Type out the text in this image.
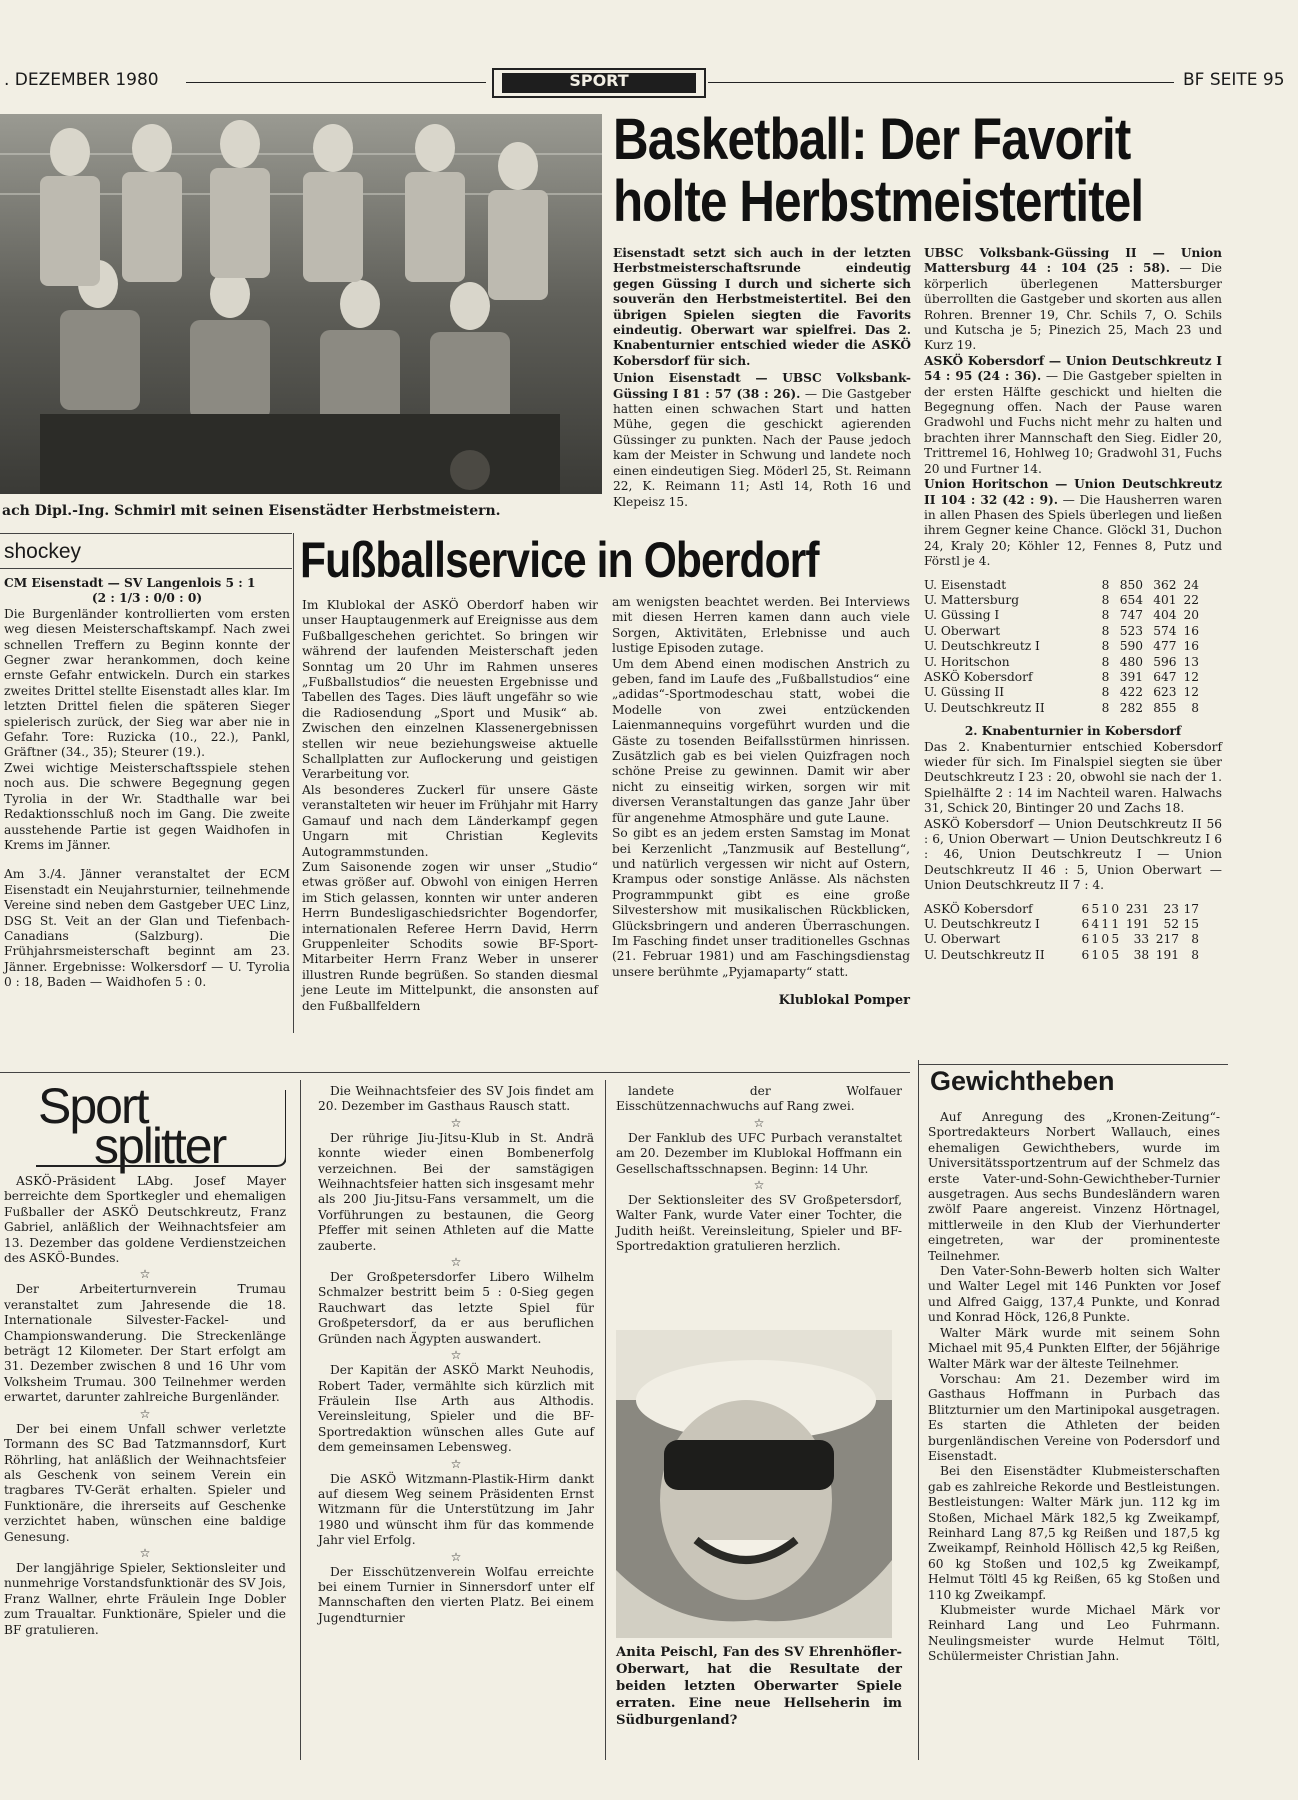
. DEZEMBER 1980	SPORT	BF SEITE 95
ach Dipl.-Ing. Schmirl mit seinen Eisenstädter Herbstmeistern.
Basketball: Der Favorit
holte Herbstmeistertitel

Eisenstadt setzt sich auch in der letzten Herbstmeisterschaftsrunde eindeutig gegen Güssing I durch und sicherte sich souverän den Herbstmeistertitel. Bei den übrigen Spielen siegten die Favorits eindeutig. Oberwart war spielfrei. Das 2. Knabenturnier entschied wieder die ASKÖ Kobersdorf für sich.

Union Eisenstadt — UBSC Volksbank-Güssing I 81 : 57 (38 : 26). — Die Gastgeber hatten einen schwachen Start und hatten Mühe, gegen die geschickt agierenden Güssinger zu punkten. Nach der Pause jedoch kam der Meister in Schwung und landete noch einen eindeutigen Sieg. Möderl 25, St. Reimann 22, K. Reimann 11; Astl 14, Roth 16 und Klepeisz 15.

UBSC Volksbank-Güssing II — Union Mattersburg 44 : 104 (25 : 58). — Die körperlich überlegenen Mattersburger überrollten die Gastgeber und skorten aus allen Rohren. Brenner 19, Chr. Schils 7, O. Schils und Kutscha je 5; Pinezich 25, Mach 23 und Kurz 19.

ASKÖ Kobersdorf — Union Deutschkreutz I 54 : 95 (24 : 36). — Die Gastgeber spielten in der ersten Hälfte geschickt und hielten die Begegnung offen. Nach der Pause waren Gradwohl und Fuchs nicht mehr zu halten und brachten ihrer Mannschaft den Sieg. Eidler 20, Trittremel 16, Hohlweg 10; Gradwohl 31, Fuchs 20 und Furtner 14.

Union Horitschon — Union Deutschkreutz II 104 : 32 (42 : 9). — Die Hausherren waren in allen Phasen des Spiels überlegen und ließen ihrem Gegner keine Chance. Glöckl 31, Duchon 24, Kraly 20; Köhler 12, Fennes 8, Putz und Förstl je 4.

U. Eisenstadt	8	850	362	24
U. Mattersburg	8	654	401	22
U. Güssing I	8	747	404	20
U. Oberwart	8	523	574	16
U. Deutschkreutz I	8	590	477	16
U. Horitschon	8	480	596	13
ASKÖ Kobersdorf	8	391	647	12
U. Güssing II	8	422	623	12
U. Deutschkreutz II	8	282	855	8

2. Knabenturnier in Kobersdorf

Das 2. Knabenturnier entschied Kobersdorf wieder für sich. Im Finalspiel siegten sie über Deutschkreutz I 23 : 20, obwohl sie nach der 1. Spielhälfte 2 : 14 im Nachteil waren. Halwachs 31, Schick 20, Bintinger 20 und Zachs 18.

ASKÖ Kobersdorf — Union Deutschkreutz II 56 : 6, Union Oberwart — Union Deutschkreutz I 6 : 46, Union Deutschkreutz I — Union Deutschkreutz II 46 : 5, Union Oberwart — Union Deutschkreutz II 7 : 4.

ASKÖ Kobersdorf	6	5	1	0	231	23	17
U. Deutschkreutz I	6	4	1	1	191	52	15
U. Oberwart	6	1	0	5	33	217	8
U. Deutschkreutz II	6	1	0	5	38	191	8
shockey

CM Eisenstadt — SV Langenlois 5 : 1

(2 : 1/3 : 0/0 : 0)

Die Burgenländer kontrollierten vom ersten weg diesen Meisterschaftskampf. Nach zwei schnellen Treffern zu Beginn konnte der Gegner zwar herankommen, doch keine ernste Gefahr entwickeln. Durch ein starkes zweites Drittel stellte Eisenstadt alles klar. Im letzten Drittel fielen die späteren Sieger spielerisch zurück, der Sieg war aber nie in Gefahr. Tore: Ruzicka (10., 22.), Pankl, Gräftner (34., 35); Steurer (19.).

Zwei wichtige Meisterschaftsspiele stehen noch aus. Die schwere Begegnung gegen Tyrolia in der Wr. Stadthalle war bei Redaktionsschluß noch im Gang. Die zweite ausstehende Partie ist gegen Waidhofen in Krems im Jänner.

Am 3./4. Jänner veranstaltet der ECM Eisenstadt ein Neujahrsturnier, teilnehmende Vereine sind neben dem Gastgeber UEC Linz, DSG St. Veit an der Glan und Tiefenbach-Canadians (Salzburg). Die Frühjahrsmeisterschaft beginnt am 23. Jänner. Ergebnisse: Wolkersdorf — U. Tyrolia 0 : 18, Baden — Waidhofen 5 : 0.

Fußballservice in Oberdorf

Im Klublokal der ASKÖ Oberdorf haben wir unser Hauptaugenmerk auf Ereignisse aus dem Fußballgeschehen gerichtet. So bringen wir während der laufenden Meisterschaft jeden Sonntag um 20 Uhr im Rahmen unseres „Fußballstudios“ die neuesten Ergebnisse und Tabellen des Tages. Dies läuft ungefähr so wie die Radiosendung „Sport und Musik“ ab. Zwischen den einzelnen Klassenergebnissen stellen wir neue beziehungsweise aktuelle Schallplatten zur Auflockerung und geistigen Verarbeitung vor.

Als besonderes Zuckerl für unsere Gäste veranstalteten wir heuer im Frühjahr mit Harry Gamauf und nach dem Länderkampf gegen Ungarn mit Christian Keglevits Autogrammstunden.

Zum Saisonende zogen wir unser „Studio“ etwas größer auf. Obwohl von einigen Herren im Stich gelassen, konnten wir unter anderen Herrn Bundesligaschiedsrichter Bogendorfer, internationalen Referee Herrn David, Herrn Gruppenleiter Schodits sowie BF-Sport-Mitarbeiter Herrn Franz Weber in unserer illustren Runde begrüßen. So standen diesmal jene Leute im Mittelpunkt, die ansonsten auf den Fußballfeldern

am wenigsten beachtet werden. Bei Interviews mit diesen Herren kamen dann auch viele Sorgen, Aktivitäten, Erlebnisse und auch lustige Episoden zutage.

Um dem Abend einen modischen Anstrich zu geben, fand im Laufe des „Fußballstudios“ eine „adidas“-Sportmodeschau statt, wobei die Modelle von zwei entzückenden Laienmannequins vorgeführt wurden und die Gäste zu tosenden Beifallsstürmen hinrissen. Zusätzlich gab es bei vielen Quizfragen noch schöne Preise zu gewinnen. Damit wir aber nicht zu einseitig wirken, sorgen wir mit diversen Veranstaltungen das ganze Jahr über für angenehme Atmosphäre und gute Laune.

So gibt es an jedem ersten Samstag im Monat bei Kerzenlicht „Tanzmusik auf Bestellung“, und natürlich vergessen wir nicht auf Ostern, Krampus oder sonstige Anlässe. Als nächsten Programmpunkt gibt es eine große Silvestershow mit musikalischen Rückblicken, Glücksbringern und anderen Überraschungen. Im Fasching findet unser traditionelles Gschnas (21. Februar 1981) und am Faschingsdienstag unsere berühmte „Pyjamaparty“ statt.

Klublokal Pomper

Sport
splitter

ASKÖ-Präsident LAbg. Josef Mayer berreichte dem Sportkegler und ehemaligen Fußballer der ASKÖ Deutschkreutz, Franz Gabriel, anläßlich der Weihnachtsfeier am 13. Dezember das goldene Verdienstzeichen des ASKÖ-Bundes.

☆

Der Arbeiterturnverein Trumau veranstaltet zum Jahresende die 18. Internationale Silvester-Fackel- und Championswanderung. Die Streckenlänge beträgt 12 Kilometer. Der Start erfolgt am 31. Dezember zwischen 8 und 16 Uhr vom Volksheim Trumau. 300 Teilnehmer werden erwartet, darunter zahlreiche Burgenländer.

☆

Der bei einem Unfall schwer verletzte Tormann des SC Bad Tatzmannsdorf, Kurt Röhrling, hat anläßlich der Weihnachtsfeier als Geschenk von seinem Verein ein tragbares TV-Gerät erhalten. Spieler und Funktionäre, die ihrerseits auf Geschenke verzichtet haben, wünschen eine baldige Genesung.

☆

Der langjährige Spieler, Sektionsleiter und nunmehrige Vorstandsfunktionär des SV Jois, Franz Wallner, ehrte Fräulein Inge Dobler zum Traualtar. Funktionäre, Spieler und die BF gratulieren.

Die Weihnachtsfeier des SV Jois findet am 20. Dezember im Gasthaus Rausch statt.

☆

Der rührige Jiu-Jitsu-Klub in St. Andrä konnte wieder einen Bombenerfolg verzeichnen. Bei der samstägigen Weihnachtsfeier hatten sich insgesamt mehr als 200 Jiu-Jitsu-Fans versammelt, um die Vorführungen zu bestaunen, die Georg Pfeffer mit seinen Athleten auf die Matte zauberte.

☆

Der Großpetersdorfer Libero Wilhelm Schmalzer bestritt beim 5 : 0-Sieg gegen Rauchwart das letzte Spiel für Großpetersdorf, da er aus beruflichen Gründen nach Ägypten auswandert.

☆

Der Kapitän der ASKÖ Markt Neuhodis, Robert Tader, vermählte sich kürzlich mit Fräulein Ilse Arth aus Althodis. Vereinsleitung, Spieler und die BF-Sportredaktion wünschen alles Gute auf dem gemeinsamen Lebensweg.

☆

Die ASKÖ Witzmann-Plastik-Hirm dankt auf diesem Weg seinem Präsidenten Ernst Witzmann für die Unterstützung im Jahr 1980 und wünscht ihm für das kommende Jahr viel Erfolg.

☆

Der Eisschützenverein Wolfau erreichte bei einem Turnier in Sinnersdorf unter elf Mannschaften den vierten Platz. Bei einem Jugendturnier

landete der Wolfauer Eisschützennachwuchs auf Rang zwei.

☆

Der Fanklub des UFC Purbach veranstaltet am 20. Dezember im Klublokal Hoffmann ein Gesellschaftsschnapsen. Beginn: 14 Uhr.

☆

Der Sektionsleiter des SV Großpetersdorf, Walter Fank, wurde Vater einer Tochter, die Judith heißt. Vereinsleitung, Spieler und BF-Sportredaktion gratulieren herzlich.

Anita Peischl, Fan des SV Ehrenhöfler-Oberwart, hat die Resultate der beiden letzten Oberwarter Spiele erraten. Eine neue Hellseherin im Südburgenland?
Gewichtheben

Auf Anregung des „Kronen-Zeitung“-Sportredakteurs Norbert Wallauch, eines ehemaligen Gewichthebers, wurde im Universitätssportzentrum auf der Schmelz das erste Vater-und-Sohn-Gewichtheber-Turnier ausgetragen. Aus sechs Bundesländern waren zwölf Paare angereist. Vinzenz Hörtnagel, mittlerweile in den Klub der Vierhunderter eingetreten, war der prominenteste Teilnehmer.

Den Vater-Sohn-Bewerb holten sich Walter und Walter Legel mit 146 Punkten vor Josef und Alfred Gaigg, 137,4 Punkte, und Konrad und Konrad Höck, 126,8 Punkte.

Walter Märk wurde mit seinem Sohn Michael mit 95,4 Punkten Elfter, der 56jährige Walter Märk war der älteste Teilnehmer.

Vorschau: Am 21. Dezember wird im Gasthaus Hoffmann in Purbach das Blitzturnier um den Martinipokal ausgetragen. Es starten die Athleten der beiden burgenländischen Vereine von Podersdorf und Eisenstadt.

Bei den Eisenstädter Klubmeisterschaften gab es zahlreiche Rekorde und Bestleistungen. Bestleistungen: Walter Märk jun. 112 kg im Stoßen, Michael Märk 182,5 kg Zweikampf, Reinhard Lang 87,5 kg Reißen und 187,5 kg Zweikampf, Reinhold Höllisch 42,5 kg Reißen, 60 kg Stoßen und 102,5 kg Zweikampf, Helmut Töltl 45 kg Reißen, 65 kg Stoßen und 110 kg Zweikampf.

Klubmeister wurde Michael Märk vor Reinhard Lang und Leo Fuhrmann. Neulingsmeister wurde Helmut Töltl, Schülermeister Christian Jahn.
